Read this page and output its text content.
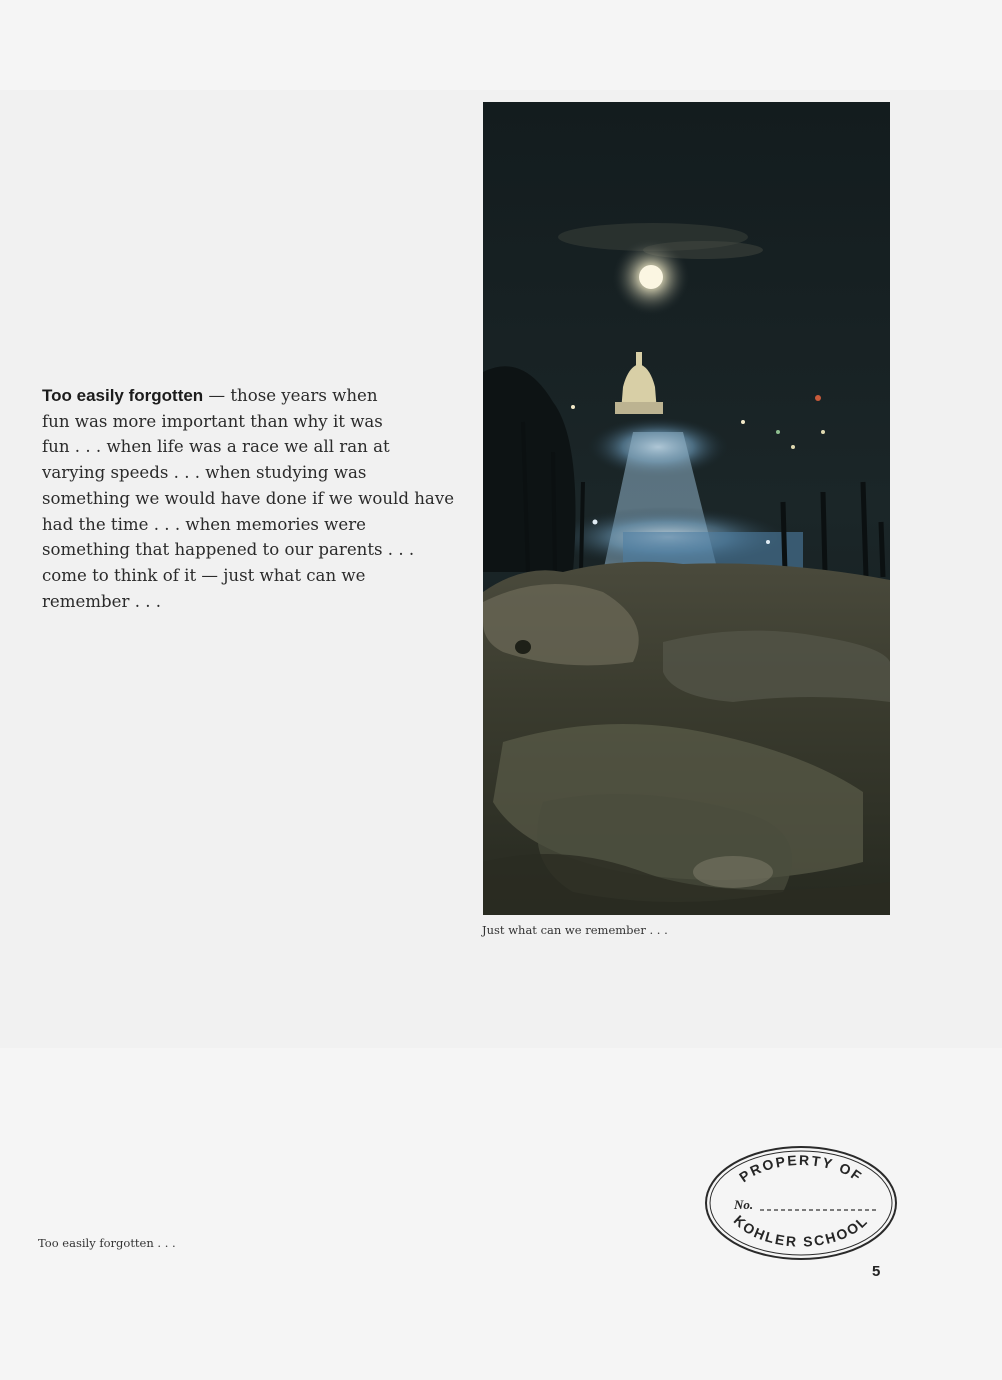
Too easily forgotten — those years when
fun was more important than why it was
fun . . . when life was a race we all ran at
varying speeds . . . when studying was
something we would have done if we would have
had the time . . . when memories were
something that happened to our parents . . .
come to think of it — just what can we
remember . . .
Just what can we remember . . .
Too easily forgotten . . .
PROPERTY OF
No.
KOHLER SCHOOL
5
